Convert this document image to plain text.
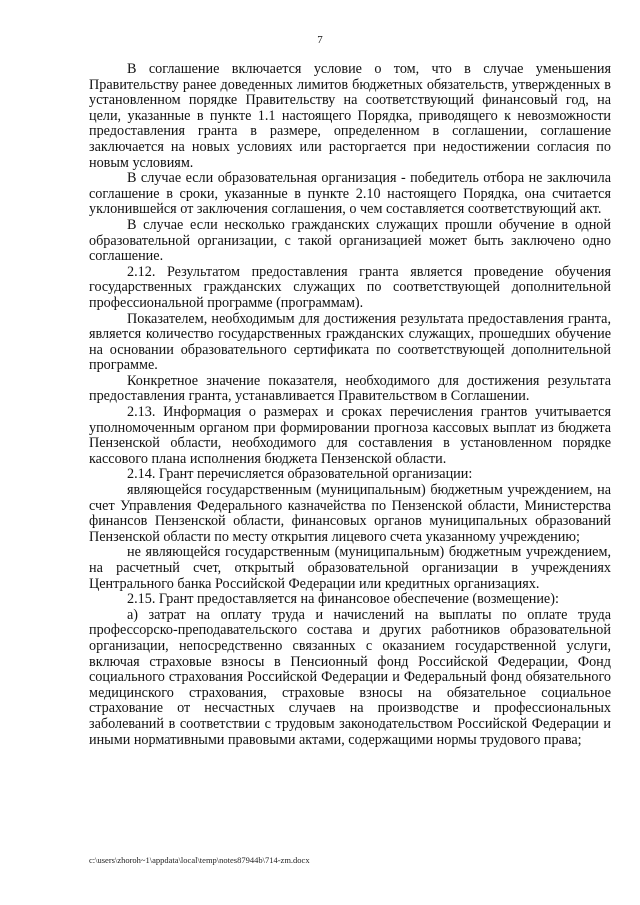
7

В соглашение включается условие о том, что в случае уменьшения Правительству ранее доведенных лимитов бюджетных обязательств, утвержденных в установленном порядке Правительству на соответствующий финансовый год, на цели, указанные в пункте 1.1 настоящего Порядка, приводящего к невозможности предоставления гранта в размере, определенном в соглашении, соглашение заключается на новых условиях или расторгается при недостижении согласия по новым условиям.

В случае если образовательная организация - победитель отбора не заключила соглашение в сроки, указанные в пункте 2.10 настоящего Порядка, она считается уклонившейся от заключения соглашения, о чем составляется соответствующий акт.

В случае если несколько гражданских служащих прошли обучение в одной образовательной организации, с такой организацией может быть заключено одно соглашение.

2.12. Результатом предоставления гранта является проведение обучения государственных гражданских служащих по соответствующей дополнительной профессиональной программе (программам).

Показателем, необходимым для достижения результата предоставления гранта, является количество государственных гражданских служащих, прошедших обучение на основании образовательного сертификата по соответствующей дополнительной программе.

Конкретное значение показателя, необходимого для достижения результата предоставления гранта, устанавливается Правительством в Соглашении.

2.13. Информация о размерах и сроках перечисления грантов учитывается уполномоченным органом при формировании прогноза кассовых выплат из бюджета Пензенской области, необходимого для составления в установленном порядке кассового плана исполнения бюджета Пензенской области.

2.14. Грант перечисляется образовательной организации:

являющейся государственным (муниципальным) бюджетным учреждением, на счет Управления Федерального казначейства по Пензенской области, Министерства финансов Пензенской области, финансовых органов муниципальных образований Пензенской области по месту открытия лицевого счета указанному учреждению;

не являющейся государственным (муниципальным) бюджетным учреждением, на расчетный счет, открытый образовательной организации в учреждениях Центрального банка Российской Федерации или кредитных организациях.

2.15. Грант предоставляется на финансовое обеспечение (возмещение):

а) затрат на оплату труда и начислений на выплаты по оплате труда профессорско-преподавательского состава и других работников образовательной организации, непосредственно связанных с оказанием государственной услуги, включая страховые взносы в Пенсионный фонд Российской Федерации, Фонд социального страхования Российской Федерации и Федеральный фонд обязательного медицинского страхования, страховые взносы на обязательное социальное страхование от несчастных случаев на производстве и профессиональных заболеваний в соответствии с трудовым законодательством Российской Федерации и иными нормативными правовыми актами, содержащими нормы трудового права;

c:\users\zhoroh~1\appdata\local\temp\notes87944b\714-zm.docx
